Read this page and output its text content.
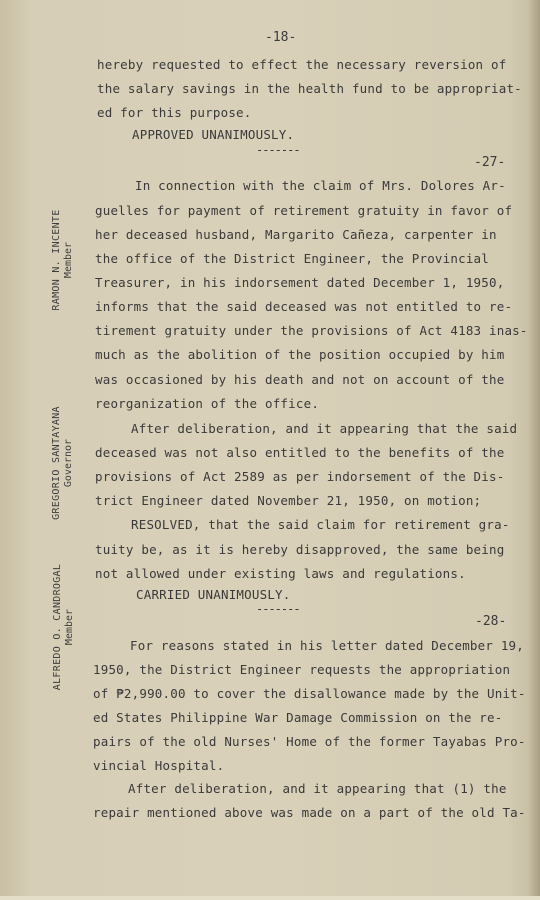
-18-
RAMON N. INCENTE Member
GREGORIO SANTAYANA Governor
ALFREDO O. CANDROGAL Member
hereby requested to effect the necessary reversion of
the salary savings in the health fund to be appropriat-
ed for this purpose.
APPROVED UNANIMOUSLY.
-------
-27-
In connection with the claim of Mrs. Dolores Ar-
guelles for payment of retirement gratuity in favor of
her deceased husband, Margarito Cañeza, carpenter in
the office of the District Engineer, the Provincial
Treasurer, in his indorsement dated December 1, 1950,
informs that the said deceased was not entitled to re-
tirement gratuity under the provisions of Act 4183 inas-
much as the abolition of the position occupied by him
was occasioned by his death and not on account of the
reorganization of the office.
After deliberation, and it appearing that the said
deceased was not also entitled to the benefits of the
provisions of Act 2589 as per indorsement of the Dis-
trict Engineer dated November 21, 1950, on motion;
RESOLVED, that the said claim for retirement gra-
tuity be, as it is hereby disapproved, the same being
not allowed under existing laws and regulations.
CARRIED UNANIMOUSLY.
-------
-28-
For reasons stated in his letter dated December 19,
1950, the District Engineer requests the appropriation
of ₱2,990.00 to cover the disallowance made by the Unit-
ed States Philippine War Damage Commission on the re-
pairs of the old Nurses' Home of the former Tayabas Pro-
vincial Hospital.
After deliberation, and it appearing that (1) the
repair mentioned above was made on a part of the old Ta-
